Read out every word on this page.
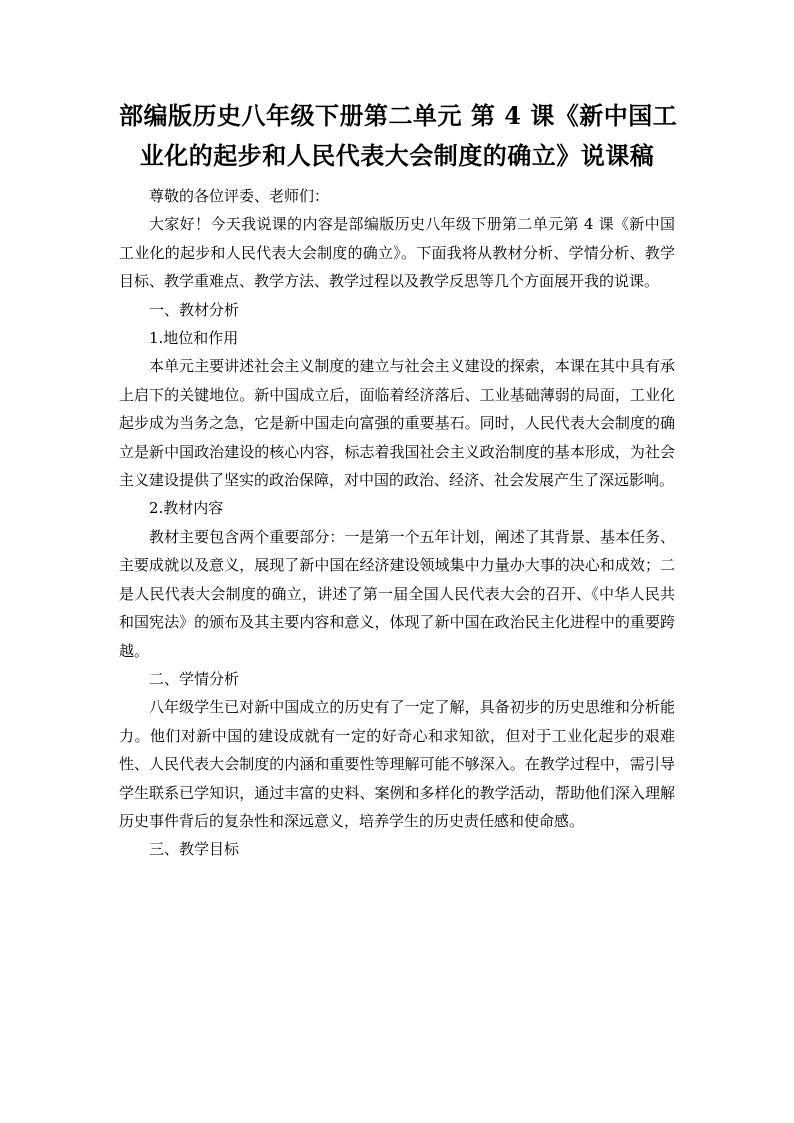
部编版历史八年级下册第二单元 第 4 课《新中国工
业化的起步和人民代表大会制度的确立》说课稿

尊敬的各位评委、老师们：

大家好！今天我说课的内容是部编版历史八年级下册第二单元第 4 课《新中国工业化的起步和人民代表大会制度的确立》。下面我将从教材分析、学情分析、教学目标、教学重难点、教学方法、教学过程以及教学反思等几个方面展开我的说课。

一、教材分析

1.地位和作用

本单元主要讲述社会主义制度的建立与社会主义建设的探索，本课在其中具有承上启下的关键地位。新中国成立后，面临着经济落后、工业基础薄弱的局面，工业化起步成为当务之急，它是新中国走向富强的重要基石。同时，人民代表大会制度的确立是新中国政治建设的核心内容，标志着我国社会主义政治制度的基本形成，为社会主义建设提供了坚实的政治保障，对中国的政治、经济、社会发展产生了深远影响。

2.教材内容

教材主要包含两个重要部分：一是第一个五年计划，阐述了其背景、基本任务、主要成就以及意义，展现了新中国在经济建设领域集中力量办大事的决心和成效；二是人民代表大会制度的确立，讲述了第一届全国人民代表大会的召开、《中华人民共和国宪法》的颁布及其主要内容和意义，体现了新中国在政治民主化进程中的重要跨越。

二、学情分析

八年级学生已对新中国成立的历史有了一定了解，具备初步的历史思维和分析能力。他们对新中国的建设成就有一定的好奇心和求知欲，但对于工业化起步的艰难性、人民代表大会制度的内涵和重要性等理解可能不够深入。在教学过程中，需引导学生联系已学知识，通过丰富的史料、案例和多样化的教学活动，帮助他们深入理解历史事件背后的复杂性和深远意义，培养学生的历史责任感和使命感。

三、教学目标
